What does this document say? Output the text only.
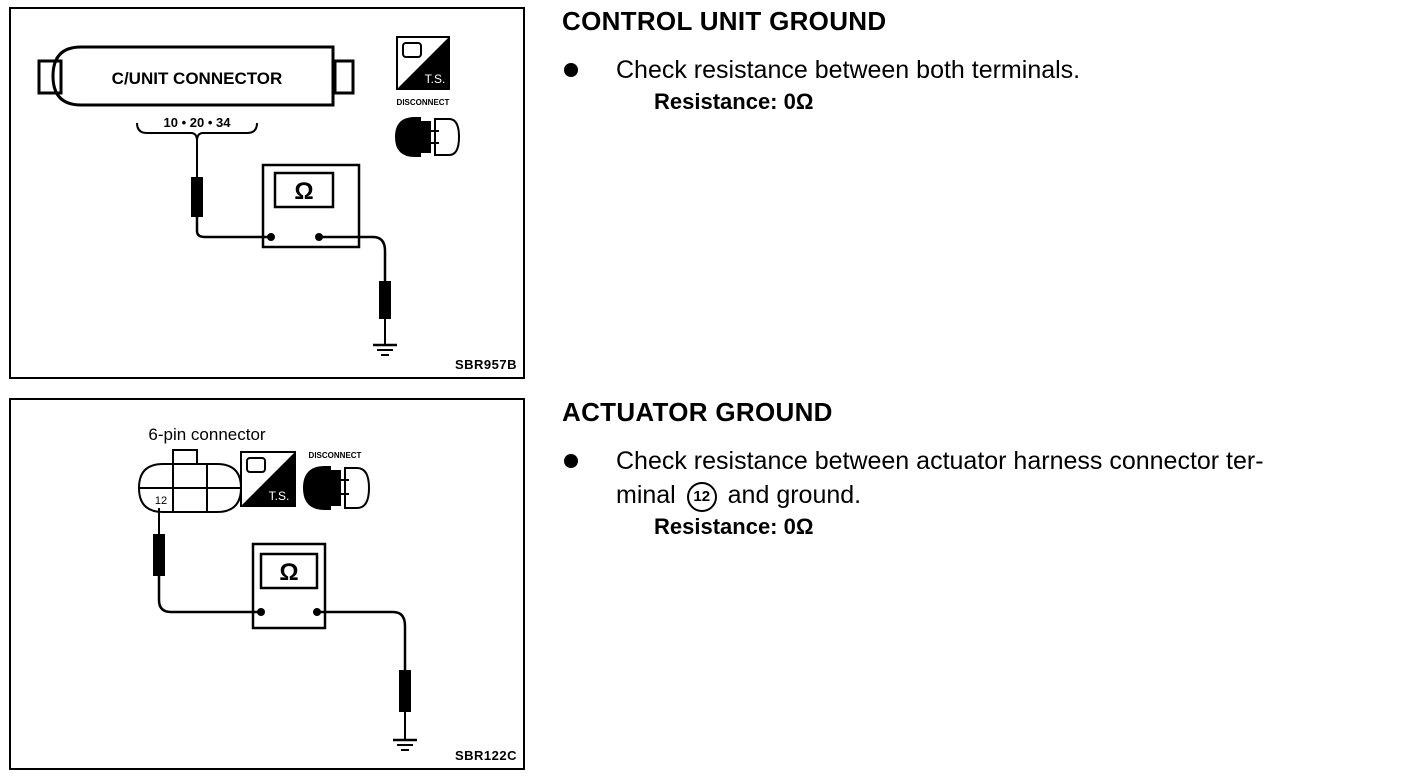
C/UNIT CONNECTOR
10 • 20 • 34
Ω
T.S.
DISCONNECT
SBR957B
6-pin connector
12
Ω
T.S.
DISCONNECT
SBR122C
CONTROL UNIT GROUND
Check resistance between both terminals.
Resistance: 0Ω
ACTUATOR GROUND
Check resistance between actuator harness connector ter-
minal 12 and ground.
Resistance: 0Ω
